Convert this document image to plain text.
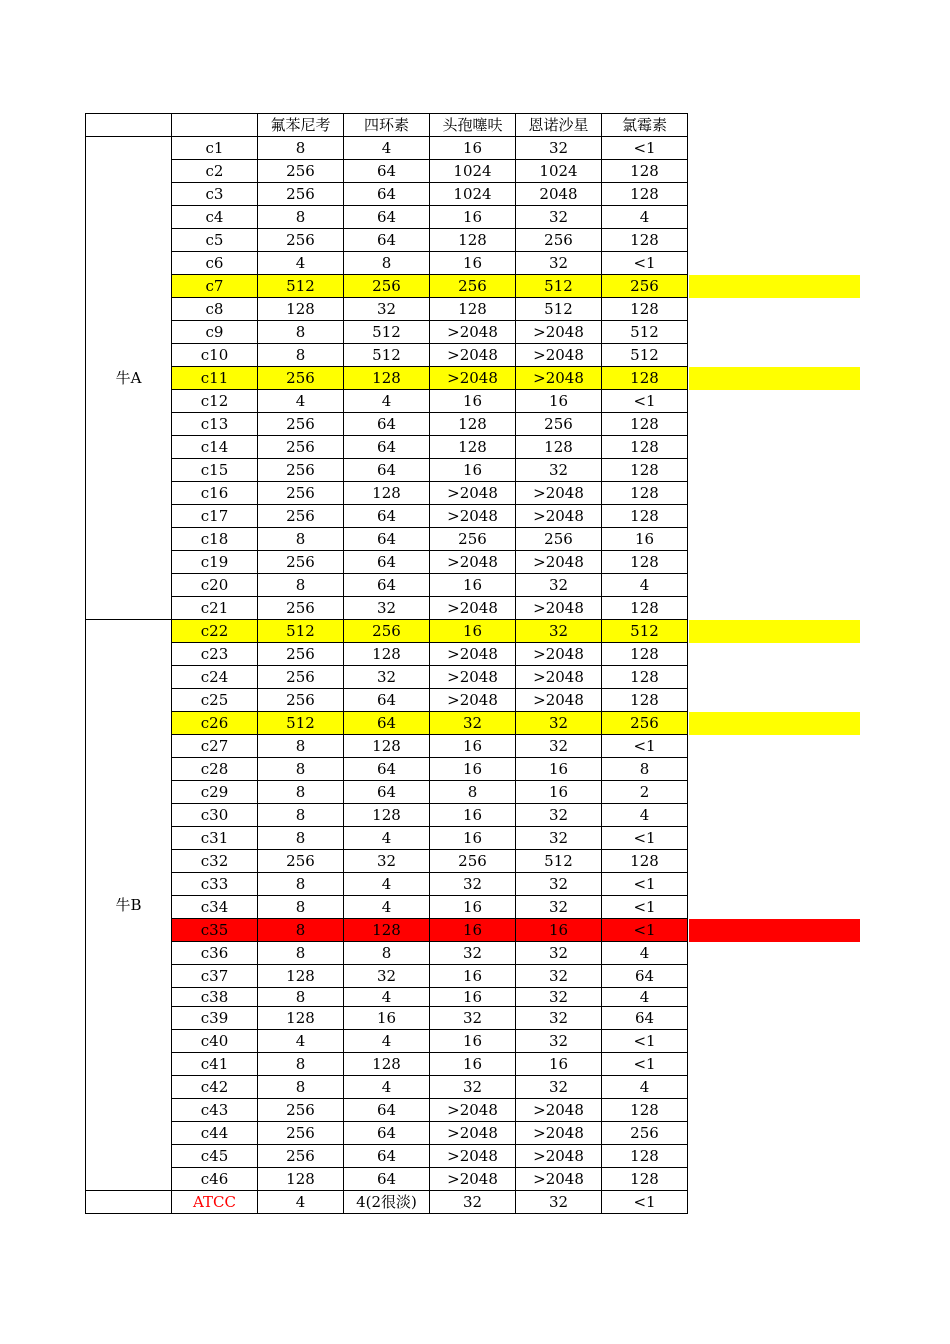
		氟苯尼考	四环素	头孢噻呋	恩诺沙星	氯霉素
牛A	c1	8	4	16	32	<1
	c2	256	64	1024	1024	128
	c3	256	64	1024	2048	128
	c4	8	64	16	32	4
	c5	256	64	128	256	128
	c6	4	8	16	32	<1
	c7	512	256	256	512	256
	c8	128	32	128	512	128
	c9	8	512	>2048	>2048	512
	c10	8	512	>2048	>2048	512
	c11	256	128	>2048	>2048	128
	c12	4	4	16	16	<1
	c13	256	64	128	256	128
	c14	256	64	128	128	128
	c15	256	64	16	32	128
	c16	256	128	>2048	>2048	128
	c17	256	64	>2048	>2048	128
	c18	8	64	256	256	16
	c19	256	64	>2048	>2048	128
	c20	8	64	16	32	4
	c21	256	32	>2048	>2048	128
牛B	c22	512	256	16	32	512
	c23	256	128	>2048	>2048	128
	c24	256	32	>2048	>2048	128
	c25	256	64	>2048	>2048	128
	c26	512	64	32	32	256
	c27	8	128	16	32	<1
	c28	8	64	16	16	8
	c29	8	64	8	16	2
	c30	8	128	16	32	4
	c31	8	4	16	32	<1
	c32	256	32	256	512	128
	c33	8	4	32	32	<1
	c34	8	4	16	32	<1
	c35	8	128	16	16	<1
	c36	8	8	32	32	4
	c37	128	32	16	32	64
	c38	8	4	16	32	4
	c39	128	16	32	32	64
	c40	4	4	16	32	<1
	c41	8	128	16	16	<1
	c42	8	4	32	32	4
	c43	256	64	>2048	>2048	128
	c44	256	64	>2048	>2048	256
	c45	256	64	>2048	>2048	128
	c46	128	64	>2048	>2048	128
	ATCC	4	4(2很淡)	32	32	<1
